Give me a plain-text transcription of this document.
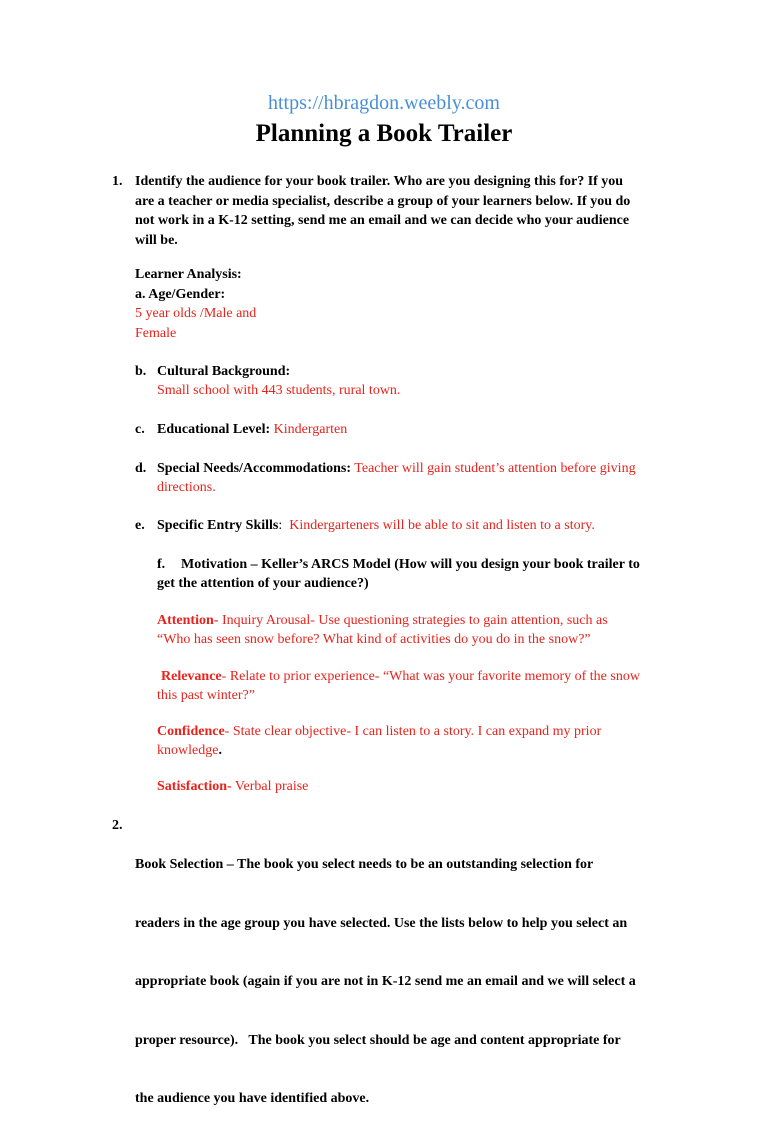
https://hbragdon.weebly.com
Planning a Book Trailer
1. Identify the audience for your book trailer. Who are you designing this for? If you
are a teacher or media specialist, describe a group of your learners below. If you do
not work in a K-12 setting, send me an email and we can decide who your audience
will be.
Learner Analysis:
a. Age/Gender:
5 year olds /Male and
Female
b. Cultural Background:
Small school with 443 students, rural town.
c. Educational Level: Kindergarten
d. Special Needs/Accommodations: Teacher will gain student’s attention before giving
directions.
e. Specific Entry Skills:  Kindergarteners will be able to sit and listen to a story.
f. Motivation – Keller’s ARCS Model (How will you design your book trailer to
get the attention of your audience?)
Attention- Inquiry Arousal- Use questioning strategies to gain attention, such as
“Who has seen snow before? What kind of activities do you do in the snow?”
Relevance- Relate to prior experience- “What was your favorite memory of the snow
this past winter?”
Confidence- State clear objective- I can listen to a story. I can expand my prior
knowledge.
Satisfaction- Verbal praise
2.

Book Selection – The book you select needs to be an outstanding selection for

readers in the age group you have selected. Use the lists below to help you select an

appropriate book (again if you are not in K-12 send me an email and we will select a

proper resource).   The book you select should be age and content appropriate for

the audience you have identified above.
